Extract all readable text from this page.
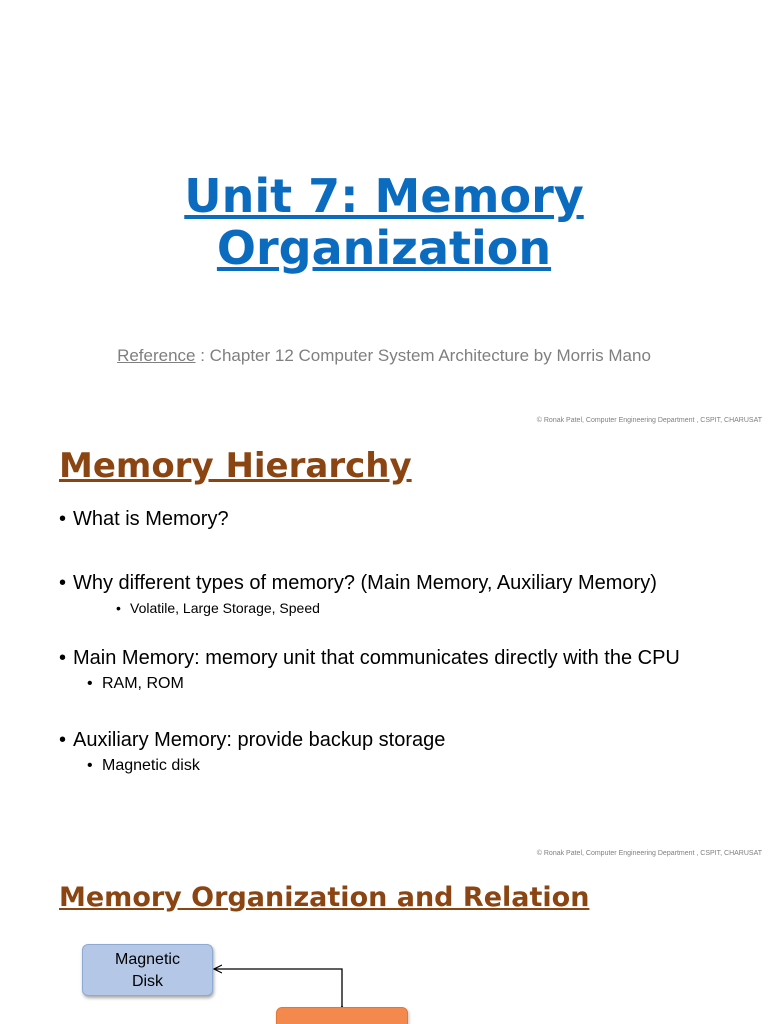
Unit 7: Memory
Organization
Reference : Chapter 12 Computer System Architecture by Morris Mano
© Ronak Patel, Computer Engineering Department , CSPIT, CHARUSAT
Memory Hierarchy
• What is Memory?
• Why different types of memory? (Main Memory, Auxiliary Memory)
• Volatile, Large Storage, Speed
• Main Memory: memory unit that communicates directly with the CPU
• RAM, ROM
• Auxiliary Memory: provide backup storage
• Magnetic disk
© Ronak Patel, Computer Engineering Department , CSPIT, CHARUSAT
Memory Organization and Relation
Magnetic
Disk
